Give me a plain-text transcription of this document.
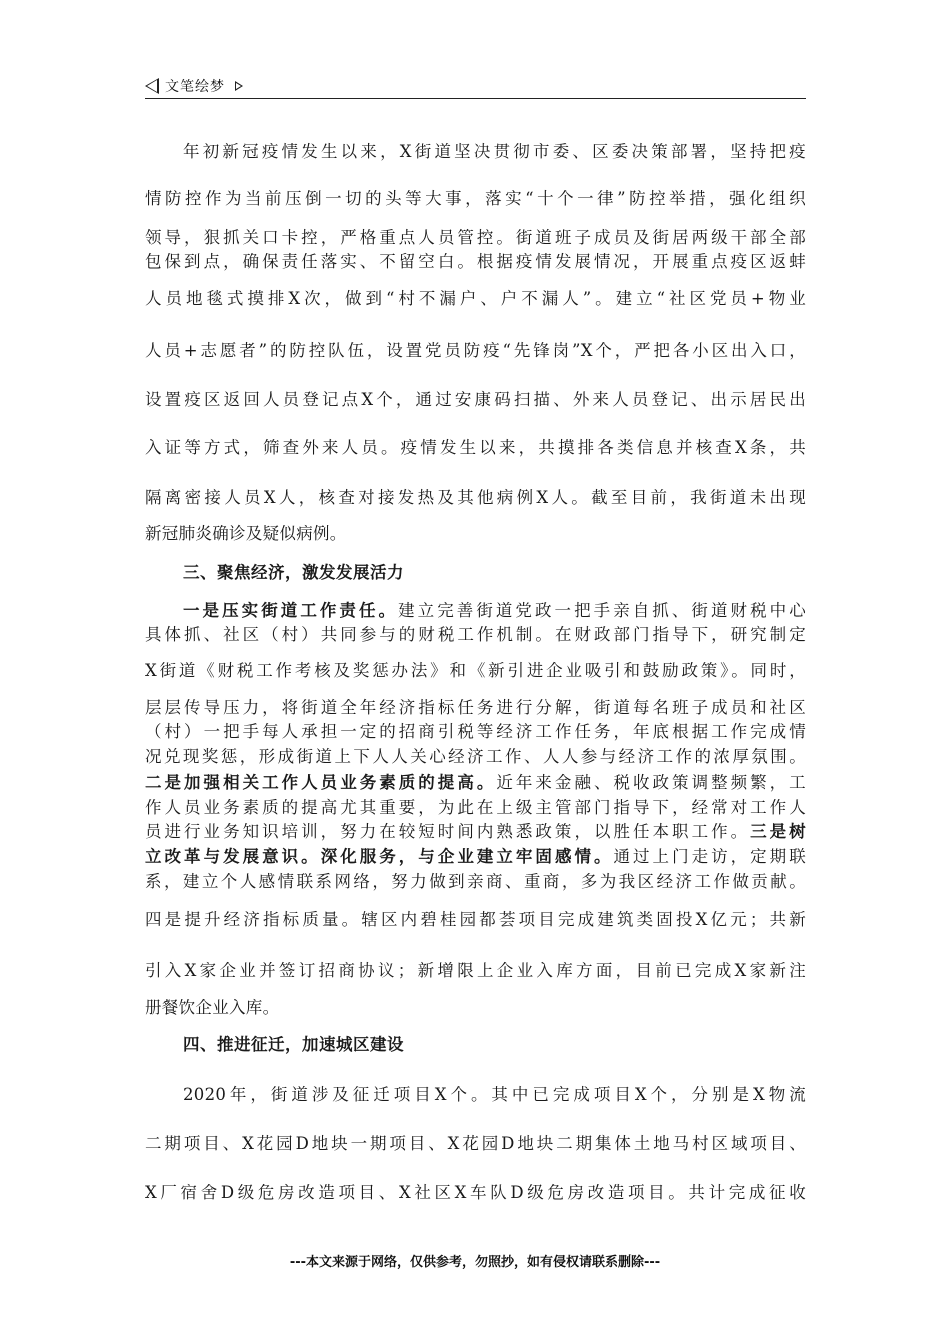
文笔绘梦
年初新冠疫情发生以来，X街道坚决贯彻市委、区委决策部署，坚持把疫
情防控作为当前压倒一切的头等大事，落实“十个一律”防控举措，强化组织
领导，狠抓关口卡控，严格重点人员管控。街道班子成员及街居两级干部全部
包保到点，确保责任落实、不留空白。根据疫情发展情况，开展重点疫区返蚌
人员地毯式摸排X次，做到“村不漏户、户不漏人”。建立“社区党员+物业
人员+志愿者”的防控队伍，设置党员防疫“先锋岗”X个，严把各小区出入口，
设置疫区返回人员登记点X个，通过安康码扫描、外来人员登记、出示居民出
入证等方式，筛查外来人员。疫情发生以来，共摸排各类信息并核查X条，共
隔离密接人员X人，核查对接发热及其他病例X人。截至目前，我街道未出现
新冠肺炎确诊及疑似病例。
三、聚焦经济，激发发展活力
一是压实街道工作责任。建立完善街道党政一把手亲自抓、街道财税中心
具体抓、社区（村）共同参与的财税工作机制。在财政部门指导下，研究制定
X街道《财税工作考核及奖惩办法》和《新引进企业吸引和鼓励政策》。同时，
层层传导压力，将街道全年经济指标任务进行分解，街道每名班子成员和社区
（村）一把手每人承担一定的招商引税等经济工作任务，年底根据工作完成情
况兑现奖惩，形成街道上下人人关心经济工作、人人参与经济工作的浓厚氛围。
二是加强相关工作人员业务素质的提高。近年来金融、税收政策调整频繁，工
作人员业务素质的提高尤其重要，为此在上级主管部门指导下，经常对工作人
员进行业务知识培训，努力在较短时间内熟悉政策，以胜任本职工作。三是树
立改革与发展意识。深化服务，与企业建立牢固感情。通过上门走访，定期联
系，建立个人感情联系网络，努力做到亲商、重商，多为我区经济工作做贡献。
四是提升经济指标质量。辖区内碧桂园都荟项目完成建筑类固投X亿元；共新
引入X家企业并签订招商协议；新增限上企业入库方面，目前已完成X家新注
册餐饮企业入库。
四、推进征迁，加速城区建设
2020年，街道涉及征迁项目X个。其中已完成项目X个，分别是X物流
二期项目、X花园D地块一期项目、X花园D地块二期集体土地马村区域项目、
X厂宿舍D级危房改造项目、X社区X车队D级危房改造项目。共计完成征收
---本文来源于网络，仅供参考，勿照抄，如有侵权请联系删除---
